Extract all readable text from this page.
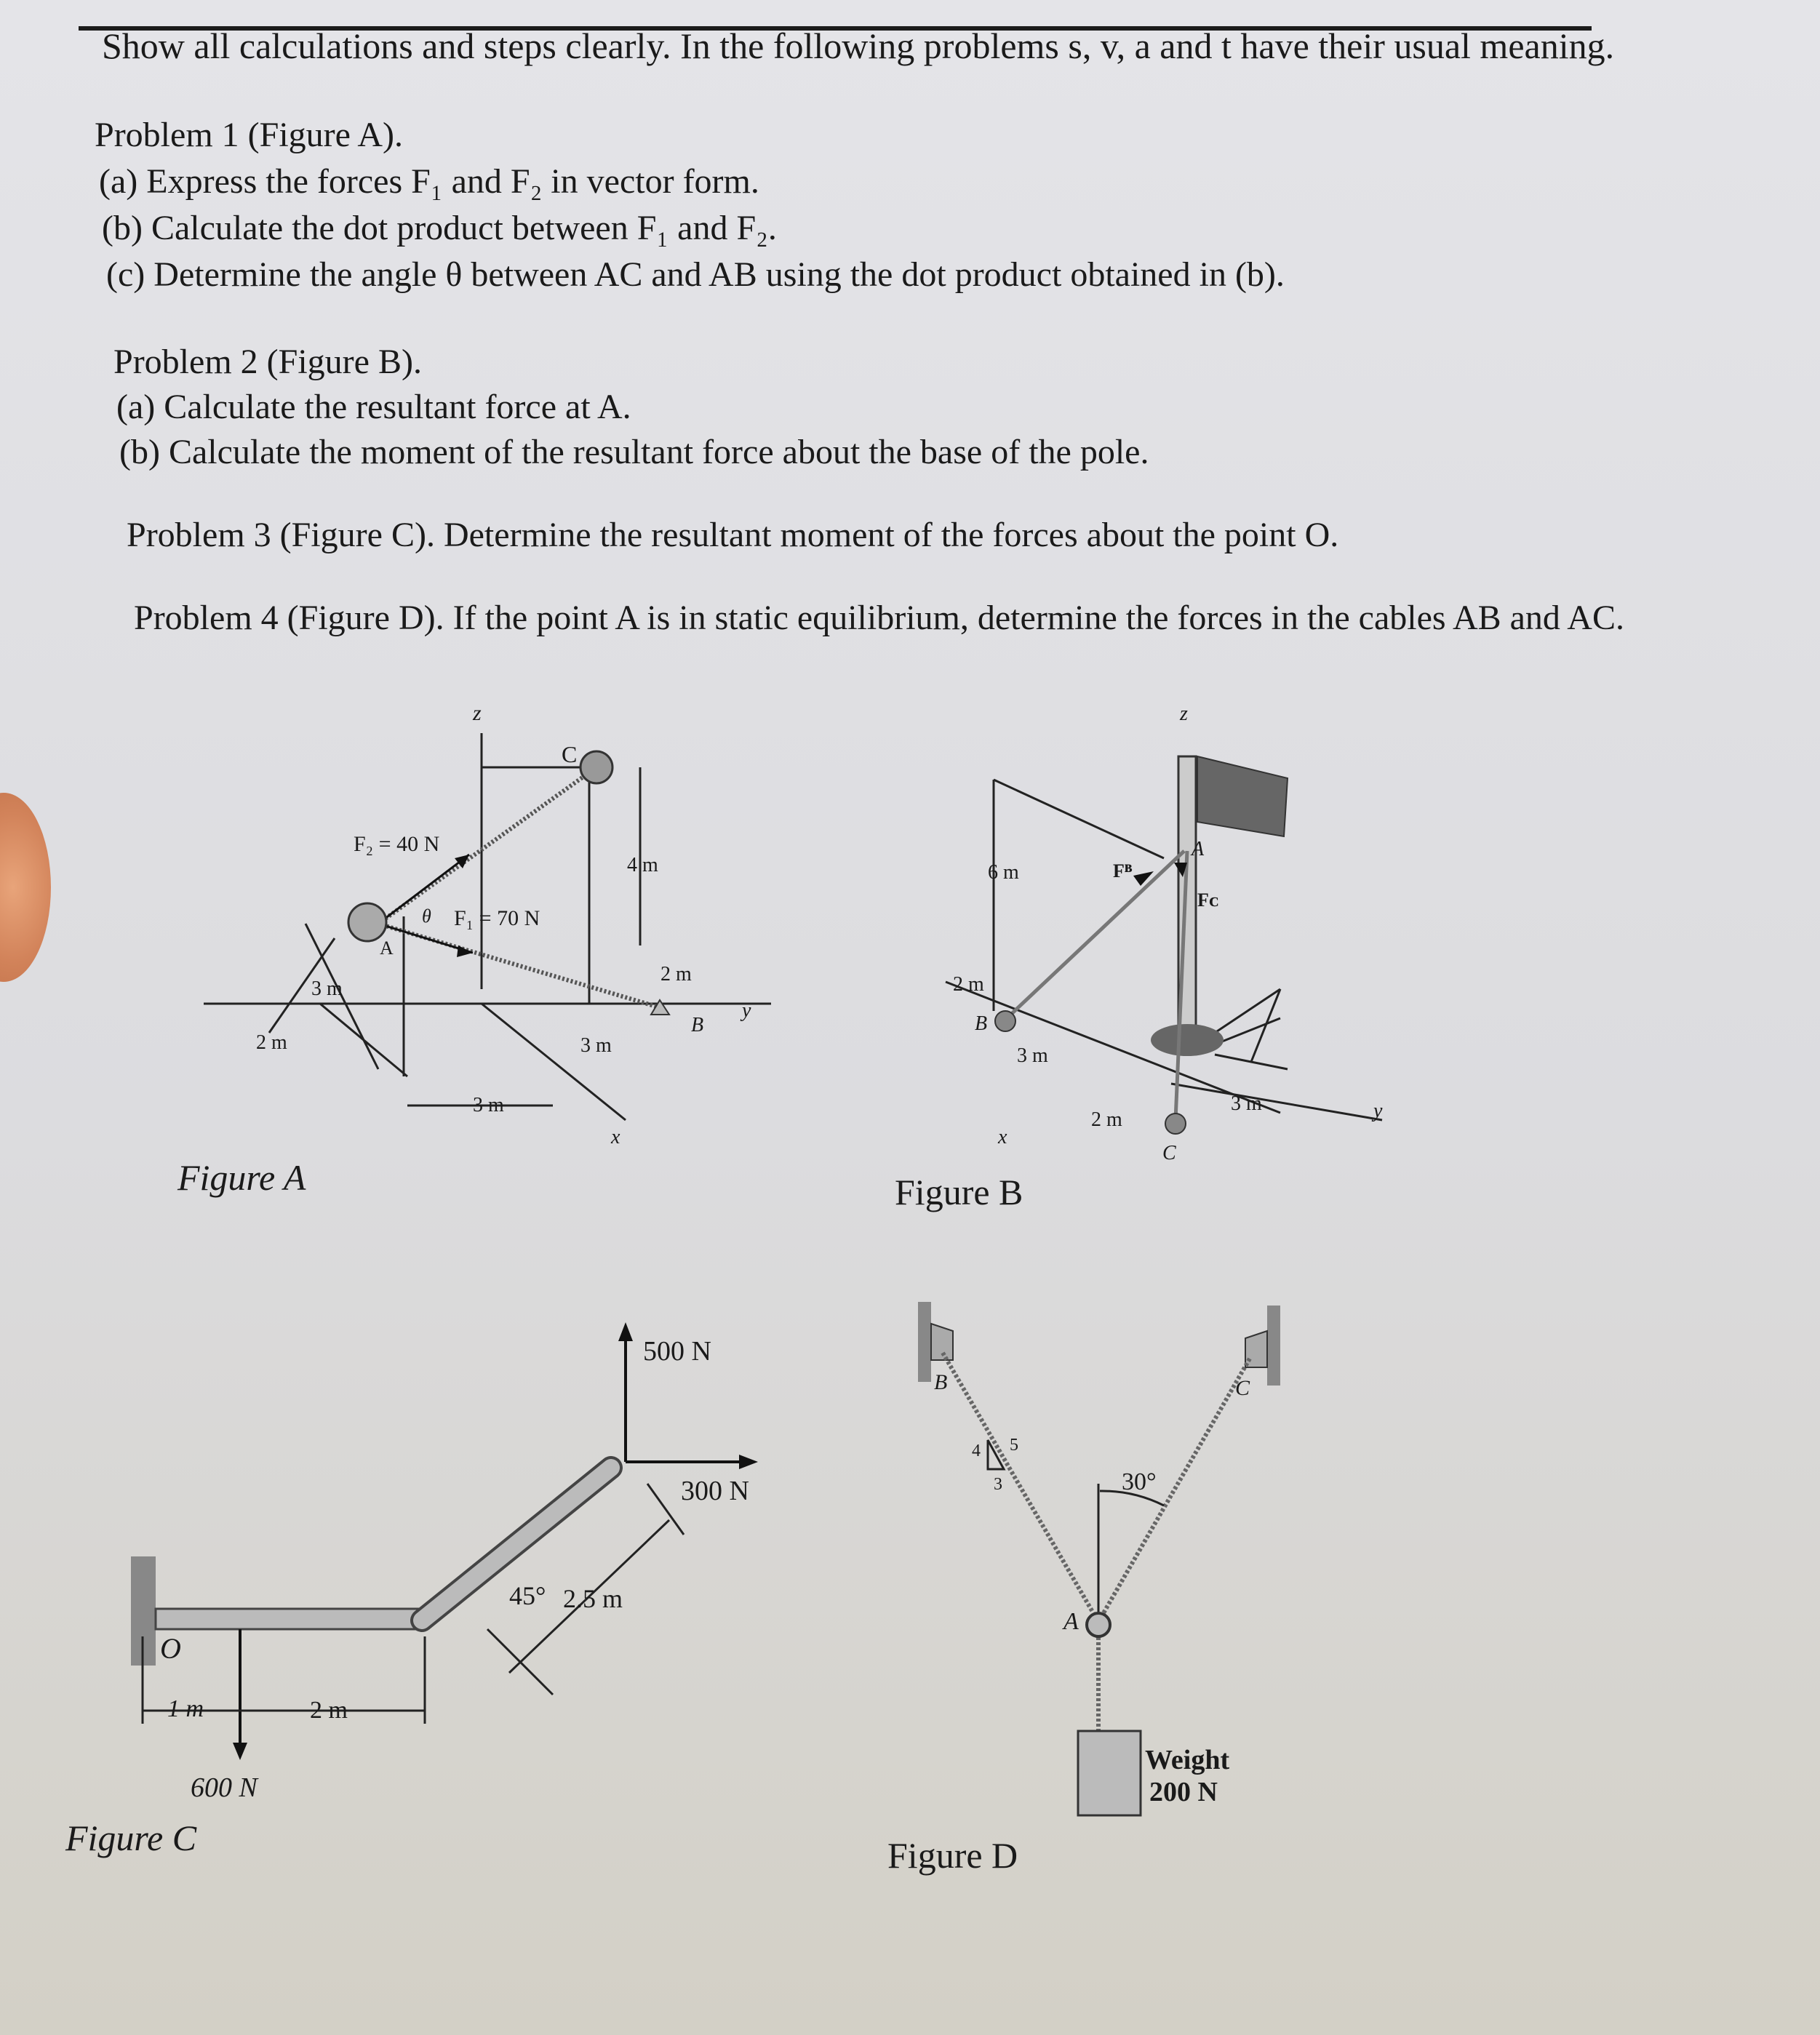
Show all calculations and steps clearly. In the following problems s, v, a and t have their usual meaning.
Problem 1 (Figure A).
(a) Express the forces F₁ and F₂ in vector form.
(b) Calculate the dot product between F₁ and F₂.
(c) Determine the angle θ between AC and AB using the dot product obtained in (b).
Problem 2 (Figure B).
(a) Calculate the resultant force at A.
(b) Calculate the moment of the resultant force about the base of the pole.
Problem 3 (Figure C). Determine the resultant moment of the forces about the point O.
Problem 4 (Figure D). If the point A is in static equilibrium, determine the forces in the cables AB and AC.
z
C
F₂ = 40 N
F₁ = 70 N
θ
A
4 m
2 m
B
y
3 m
2 m	3 m
3 m
x
Figure A
z
A
Fᴮ
Fᴄ
6 m
2 m
B
3 m
x
2 m
C
3 m	y
Figure B
O
500 N
300 N
45° 2.5 m
1 m	2 m
600 N
Figure C
B	C
A
4 5
3	30°
Weight
200 N
Figure D
